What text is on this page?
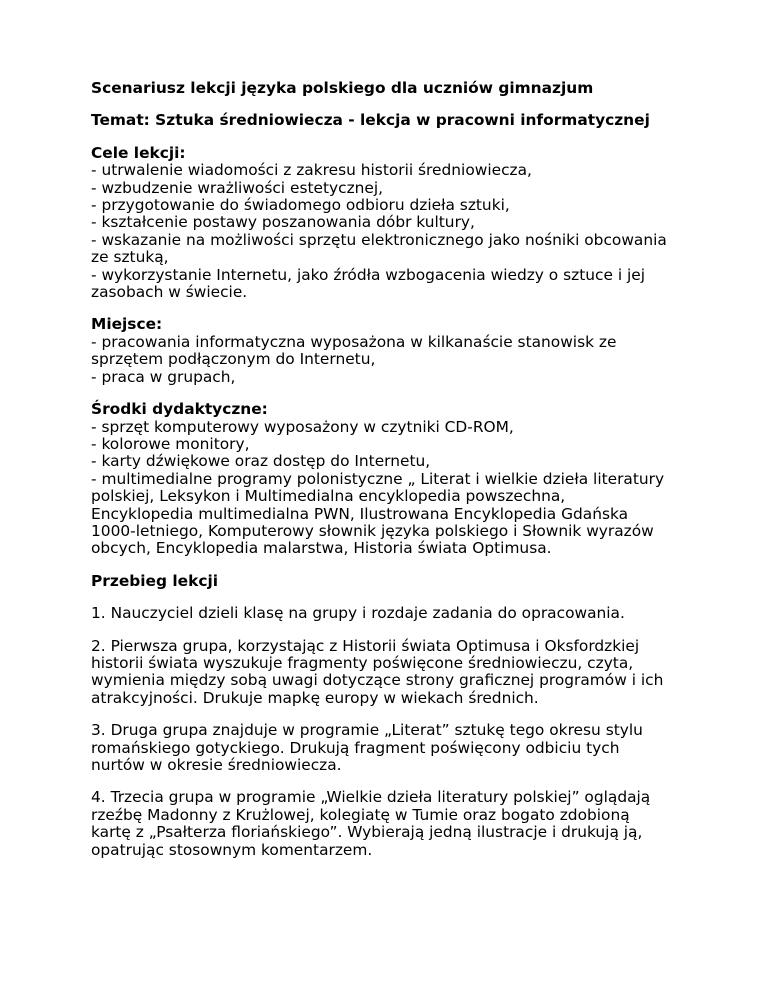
Scenariusz lekcji języka polskiego dla uczniów gimnazjum
Temat: Sztuka średniowiecza - lekcja w pracowni informatycznej
Cele lekcji:
- utrwalenie wiadomości z zakresu historii średniowiecza,
- wzbudzenie wrażliwości estetycznej,
- przygotowanie do świadomego odbioru dzieła sztuki,
- kształcenie postawy poszanowania dóbr kultury,
- wskazanie na możliwości sprzętu elektronicznego jako nośniki obcowania
ze sztuką,
- wykorzystanie Internetu, jako źródła wzbogacenia wiedzy o sztuce i jej
zasobach w świecie.
Miejsce:
- pracowania informatyczna wyposażona w kilkanaście stanowisk ze
sprzętem podłączonym do Internetu,
- praca w grupach,
Środki dydaktyczne:
- sprzęt komputerowy wyposażony w czytniki CD-ROM,
- kolorowe monitory,
- karty dźwiękowe oraz dostęp do Internetu,
- multimedialne programy polonistyczne „ Literat i wielkie dzieła literatury
polskiej, Leksykon i Multimedialna encyklopedia powszechna,
Encyklopedia multimedialna PWN, Ilustrowana Encyklopedia Gdańska
1000-letniego, Komputerowy słownik języka polskiego i Słownik wyrazów
obcych, Encyklopedia malarstwa, Historia świata Optimusa.
Przebieg lekcji
1. Nauczyciel dzieli klasę na grupy i rozdaje zadania do opracowania.
2. Pierwsza grupa, korzystając z Historii świata Optimusa i Oksfordzkiej
historii świata wyszukuje fragmenty poświęcone średniowieczu, czyta,
wymienia między sobą uwagi dotyczące strony graficznej programów i ich
atrakcyjności. Drukuje mapkę europy w wiekach średnich.
3. Druga grupa znajduje w programie „Literat” sztukę tego okresu stylu
romańskiego gotyckiego. Drukują fragment poświęcony odbiciu tych
nurtów w okresie średniowiecza.
4. Trzecia grupa w programie „Wielkie dzieła literatury polskiej” oglądają
rzeźbę Madonny z Krużlowej, kolegiatę w Tumie oraz bogato zdobioną
kartę z „Psałterza floriańskiego”. Wybierają jedną ilustracje i drukują ją,
opatrując stosownym komentarzem.
